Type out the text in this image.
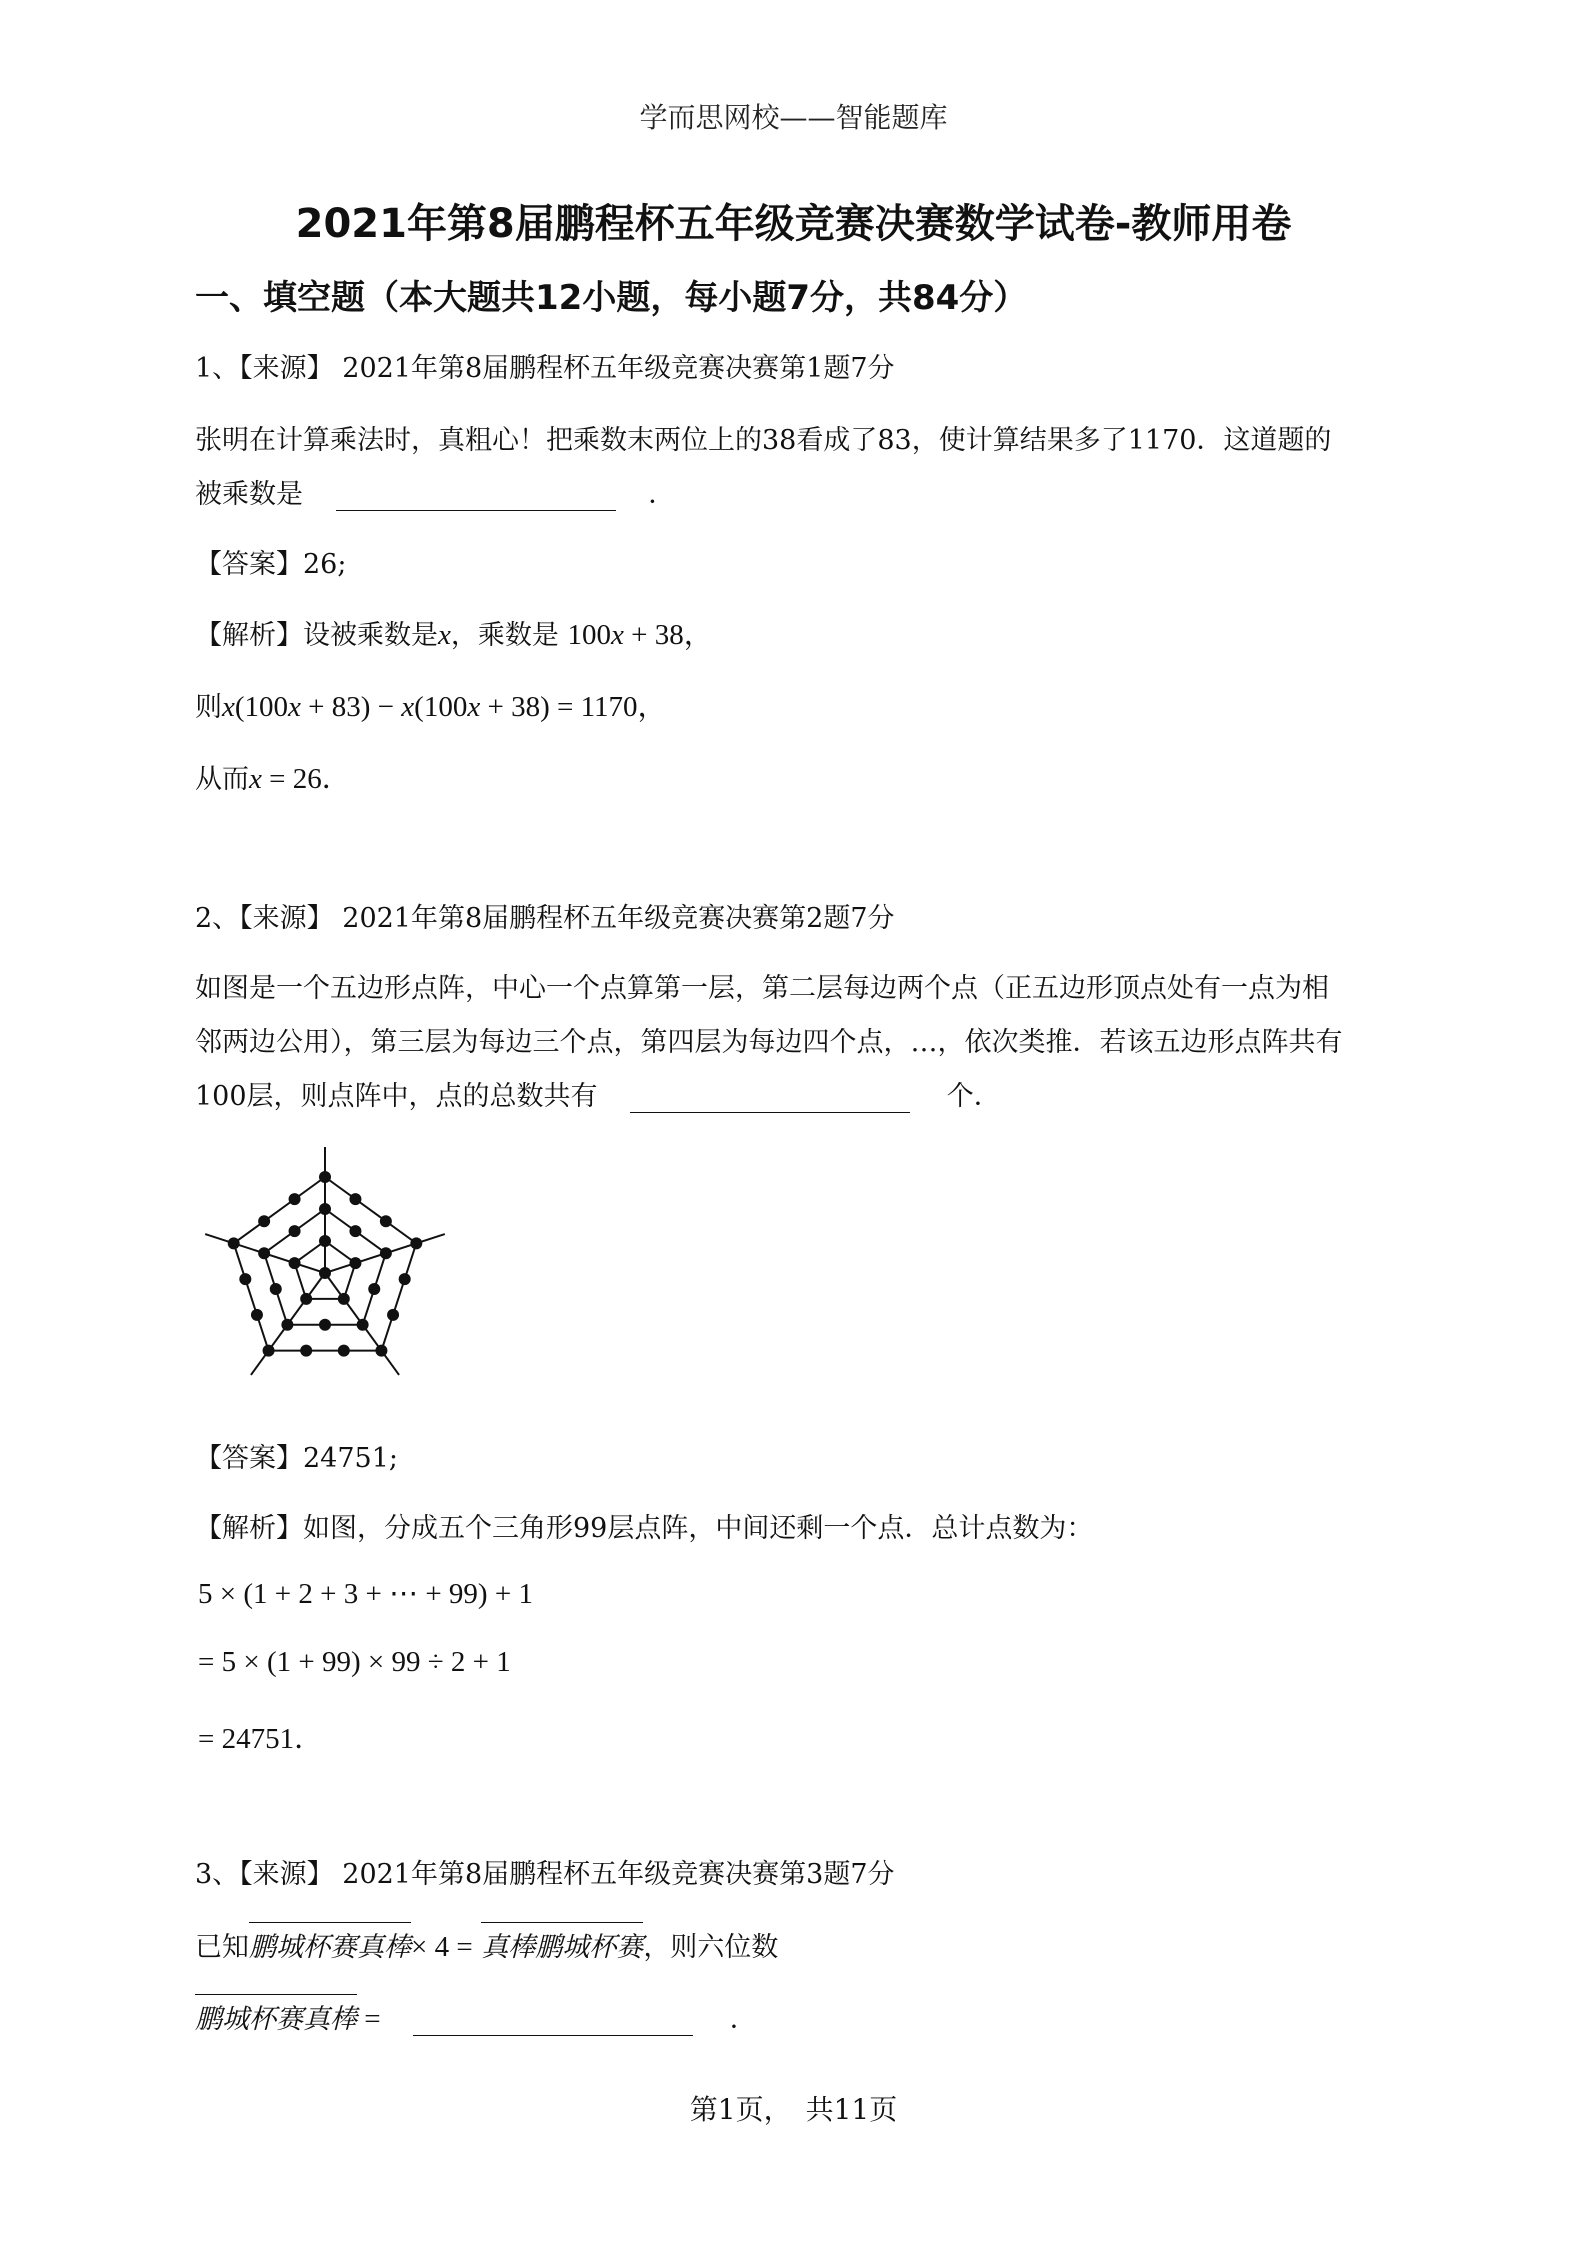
学而思网校——智能题库
2021年第8届鹏程杯五年级竞赛决赛数学试卷-教师用卷
一、填空题（本大题共12小题，每小题7分，共84分）
1、【来源】 2021年第8届鹏程杯五年级竞赛决赛第1题7分
张明在计算乘法时，真粗心！把乘数末两位上的38看成了83，使计算结果多了1170．这道题的
被乘数是	．
【答案】26;
【解析】设被乘数是x，乘数是 100x + 38，
则x(100x + 83) − x(100x + 38) = 1170，
从而x = 26．
2、【来源】 2021年第8届鹏程杯五年级竞赛决赛第2题7分
如图是一个五边形点阵，中心一个点算第一层，第二层每边两个点（正五边形顶点处有一点为相
邻两边公用），第三层为每边三个点，第四层为每边四个点，…，依次类推．若该五边形点阵共有
100层，则点阵中，点的总数共有	个．
【答案】24751;
【解析】如图，分成五个三角形99层点阵，中间还剩一个点．总计点数为：
5 × (1 + 2 + 3 + ⋯ + 99) + 1
= 5 × (1 + 99) × 99 ÷ 2 + 1
= 24751．
3、【来源】 2021年第8届鹏程杯五年级竞赛决赛第3题7分
已知鹏城杯赛真棒× 4 = 真棒鹏城杯赛，则六位数
鹏城杯赛真棒 =	．
第1页，　共11页
